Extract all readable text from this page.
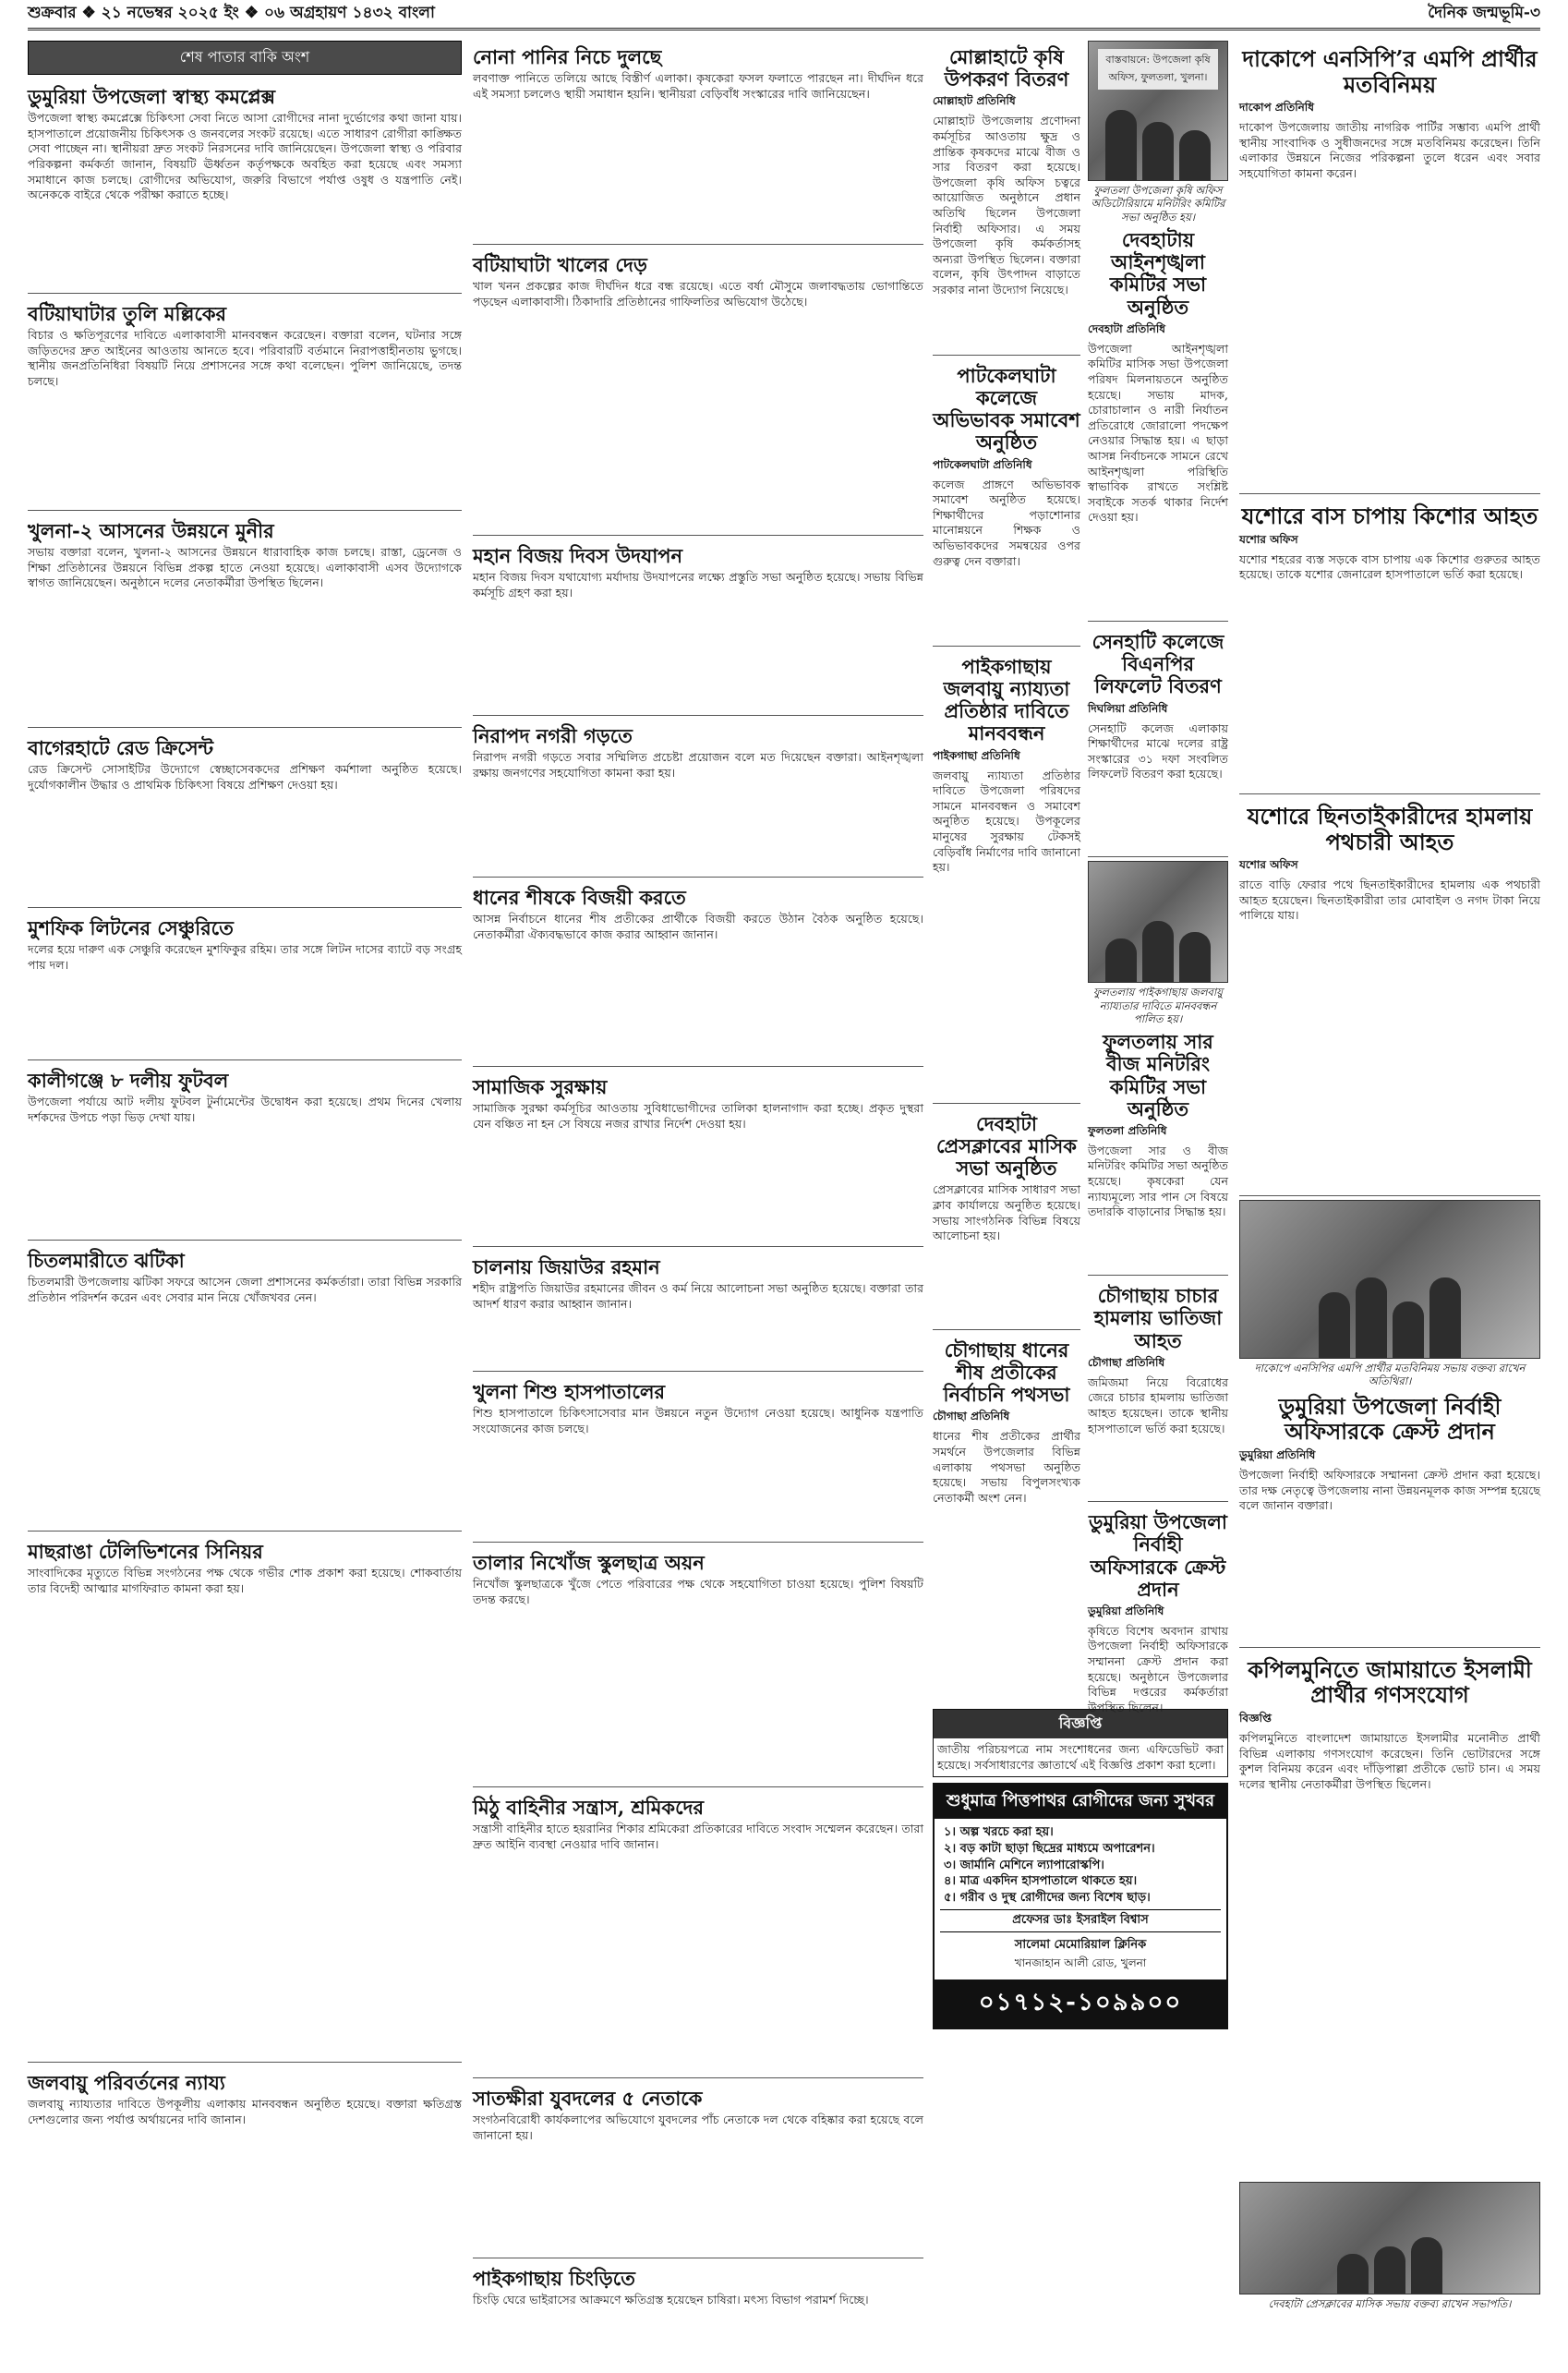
শুক্রবার ❖ ২১ নভেম্বর ২০২৫ ইং ❖ ০৬ অগ্রহায়ণ ১৪৩২ বাংলা	দৈনিক জন্মভূমি-৩
শেষ পাতার বাকি অংশ
ডুমুরিয়া উপজেলা স্বাস্থ্য কমপ্লেক্স

উপজেলা স্বাস্থ্য কমপ্লেক্সে চিকিৎসা সেবা নিতে আসা রোগীদের নানা দুর্ভোগের কথা জানা যায়। হাসপাতালে প্রয়োজনীয় চিকিৎসক ও জনবলের সংকট রয়েছে। এতে সাধারণ রোগীরা কাঙ্ক্ষিত সেবা পাচ্ছেন না। স্থানীয়রা দ্রুত সংকট নিরসনের দাবি জানিয়েছেন। উপজেলা স্বাস্থ্য ও পরিবার পরিকল্পনা কর্মকর্তা জানান, বিষয়টি ঊর্ধ্বতন কর্তৃপক্ষকে অবহিত করা হয়েছে এবং সমস্যা সমাধানে কাজ চলছে। রোগীদের অভিযোগ, জরুরি বিভাগে পর্যাপ্ত ওষুধ ও যন্ত্রপাতি নেই। অনেককে বাইরে থেকে পরীক্ষা করাতে হচ্ছে।

বটিয়াঘাটার তুলি মল্লিকের

বিচার ও ক্ষতিপূরণের দাবিতে এলাকাবাসী মানববন্ধন করেছেন। বক্তারা বলেন, ঘটনার সঙ্গে জড়িতদের দ্রুত আইনের আওতায় আনতে হবে। পরিবারটি বর্তমানে নিরাপত্তাহীনতায় ভুগছে। স্থানীয় জনপ্রতিনিধিরা বিষয়টি নিয়ে প্রশাসনের সঙ্গে কথা বলেছেন। পুলিশ জানিয়েছে, তদন্ত চলছে।

খুলনা-২ আসনের উন্নয়নে মুনীর

সভায় বক্তারা বলেন, খুলনা-২ আসনের উন্নয়নে ধারাবাহিক কাজ চলছে। রাস্তা, ড্রেনেজ ও শিক্ষা প্রতিষ্ঠানের উন্নয়নে বিভিন্ন প্রকল্প হাতে নেওয়া হয়েছে। এলাকাবাসী এসব উদ্যোগকে স্বাগত জানিয়েছেন। অনুষ্ঠানে দলের নেতাকর্মীরা উপস্থিত ছিলেন।

বাগেরহাটে রেড ক্রিসেন্ট

রেড ক্রিসেন্ট সোসাইটির উদ্যোগে স্বেচ্ছাসেবকদের প্রশিক্ষণ কর্মশালা অনুষ্ঠিত হয়েছে। দুর্যোগকালীন উদ্ধার ও প্রাথমিক চিকিৎসা বিষয়ে প্রশিক্ষণ দেওয়া হয়।

মুশফিক লিটনের সেঞ্চুরিতে

দলের হয়ে দারুণ এক সেঞ্চুরি করেছেন মুশফিকুর রহিম। তার সঙ্গে লিটন দাসের ব্যাটে বড় সংগ্রহ পায় দল।

কালীগঞ্জে ৮ দলীয় ফুটবল

উপজেলা পর্যায়ে আট দলীয় ফুটবল টুর্নামেন্টের উদ্বোধন করা হয়েছে। প্রথম দিনের খেলায় দর্শকদের উপচে পড়া ভিড় দেখা যায়।

চিতলমারীতে ঝটিকা

চিতলমারী উপজেলায় ঝটিকা সফরে আসেন জেলা প্রশাসনের কর্মকর্তারা। তারা বিভিন্ন সরকারি প্রতিষ্ঠান পরিদর্শন করেন এবং সেবার মান নিয়ে খোঁজখবর নেন।

মাছরাঙা টেলিভিশনের সিনিয়র

সাংবাদিকের মৃত্যুতে বিভিন্ন সংগঠনের পক্ষ থেকে গভীর শোক প্রকাশ করা হয়েছে। শোকবার্তায় তার বিদেহী আত্মার মাগফিরাত কামনা করা হয়।

জলবায়ু পরিবর্তনের ন্যায্য

জলবায়ু ন্যায্যতার দাবিতে উপকূলীয় এলাকায় মানববন্ধন অনুষ্ঠিত হয়েছে। বক্তারা ক্ষতিগ্রস্ত দেশগুলোর জন্য পর্যাপ্ত অর্থায়নের দাবি জানান।

নোনা পানির নিচে দুলছে

লবণাক্ত পানিতে তলিয়ে আছে বিস্তীর্ণ এলাকা। কৃষকেরা ফসল ফলাতে পারছেন না। দীর্ঘদিন ধরে এই সমস্যা চললেও স্থায়ী সমাধান হয়নি। স্থানীয়রা বেড়িবাঁধ সংস্কারের দাবি জানিয়েছেন।

বটিয়াঘাটা খালের দেড়

খাল খনন প্রকল্পের কাজ দীর্ঘদিন ধরে বন্ধ রয়েছে। এতে বর্ষা মৌসুমে জলাবদ্ধতায় ভোগান্তিতে পড়ছেন এলাকাবাসী। ঠিকাদারি প্রতিষ্ঠানের গাফিলতির অভিযোগ উঠেছে।

মহান বিজয় দিবস উদযাপন

মহান বিজয় দিবস যথাযোগ্য মর্যাদায় উদযাপনের লক্ষ্যে প্রস্তুতি সভা অনুষ্ঠিত হয়েছে। সভায় বিভিন্ন কর্মসূচি গ্রহণ করা হয়।

নিরাপদ নগরী গড়তে

নিরাপদ নগরী গড়তে সবার সম্মিলিত প্রচেষ্টা প্রয়োজন বলে মত দিয়েছেন বক্তারা। আইনশৃঙ্খলা রক্ষায় জনগণের সহযোগিতা কামনা করা হয়।

ধানের শীষকে বিজয়ী করতে

আসন্ন নির্বাচনে ধানের শীষ প্রতীকের প্রার্থীকে বিজয়ী করতে উঠান বৈঠক অনুষ্ঠিত হয়েছে। নেতাকর্মীরা ঐক্যবদ্ধভাবে কাজ করার আহ্বান জানান।

সামাজিক সুরক্ষায়

সামাজিক সুরক্ষা কর্মসূচির আওতায় সুবিধাভোগীদের তালিকা হালনাগাদ করা হচ্ছে। প্রকৃত দুস্থরা যেন বঞ্চিত না হন সে বিষয়ে নজর রাখার নির্দেশ দেওয়া হয়।

চালনায় জিয়াউর রহমান

শহীদ রাষ্ট্রপতি জিয়াউর রহমানের জীবন ও কর্ম নিয়ে আলোচনা সভা অনুষ্ঠিত হয়েছে। বক্তারা তার আদর্শ ধারণ করার আহ্বান জানান।

খুলনা শিশু হাসপাতালের

শিশু হাসপাতালে চিকিৎসাসেবার মান উন্নয়নে নতুন উদ্যোগ নেওয়া হয়েছে। আধুনিক যন্ত্রপাতি সংযোজনের কাজ চলছে।

তালার নিখোঁজ স্কুলছাত্র অয়ন

নিখোঁজ স্কুলছাত্রকে খুঁজে পেতে পরিবারের পক্ষ থেকে সহযোগিতা চাওয়া হয়েছে। পুলিশ বিষয়টি তদন্ত করছে।

মিঠু বাহিনীর সন্ত্রাস, শ্রমিকদের

সন্ত্রাসী বাহিনীর হাতে হয়রানির শিকার শ্রমিকেরা প্রতিকারের দাবিতে সংবাদ সম্মেলন করেছেন। তারা দ্রুত আইনি ব্যবস্থা নেওয়ার দাবি জানান।

সাতক্ষীরা যুবদলের ৫ নেতাকে

সংগঠনবিরোধী কার্যকলাপের অভিযোগে যুবদলের পাঁচ নেতাকে দল থেকে বহিষ্কার করা হয়েছে বলে জানানো হয়।

পাইকগাছায় চিংড়িতে

চিংড়ি ঘেরে ভাইরাসের আক্রমণে ক্ষতিগ্রস্ত হয়েছেন চাষিরা। মৎস্য বিভাগ পরামর্শ দিচ্ছে।

মোল্লাহাটে কৃষি উপকরণ বিতরণ

মোল্লাহাট প্রতিনিধি

মোল্লাহাট উপজেলায় প্রণোদনা কর্মসূচির আওতায় ক্ষুদ্র ও প্রান্তিক কৃষকদের মাঝে বীজ ও সার বিতরণ করা হয়েছে। উপজেলা কৃষি অফিস চত্বরে আয়োজিত অনুষ্ঠানে প্রধান অতিথি ছিলেন উপজেলা নির্বাহী অফিসার। এ সময় উপজেলা কৃষি কর্মকর্তাসহ অন্যরা উপস্থিত ছিলেন। বক্তারা বলেন, কৃষি উৎপাদন বাড়াতে সরকার নানা উদ্যোগ নিয়েছে।

পাটকেলঘাটা কলেজে অভিভাবক সমাবেশ অনুষ্ঠিত

পাটকেলঘাটা প্রতিনিধি

কলেজ প্রাঙ্গণে অভিভাবক সমাবেশ অনুষ্ঠিত হয়েছে। শিক্ষার্থীদের পড়াশোনার মানোন্নয়নে শিক্ষক ও অভিভাবকদের সমন্বয়ের ওপর গুরুত্ব দেন বক্তারা।

পাইকগাছায় জলবায়ু ন্যায্যতা প্রতিষ্ঠার দাবিতে মানববন্ধন

পাইকগাছা প্রতিনিধি

জলবায়ু ন্যায্যতা প্রতিষ্ঠার দাবিতে উপজেলা পরিষদের সামনে মানববন্ধন ও সমাবেশ অনুষ্ঠিত হয়েছে। উপকূলের মানুষের সুরক্ষায় টেকসই বেড়িবাঁধ নির্মাণের দাবি জানানো হয়।

দেবহাটা প্রেসক্লাবের মাসিক সভা অনুষ্ঠিত

প্রেসক্লাবের মাসিক সাধারণ সভা ক্লাব কার্যালয়ে অনুষ্ঠিত হয়েছে। সভায় সাংগঠনিক বিভিন্ন বিষয়ে আলোচনা হয়।

চৌগাছায় ধানের শীষ প্রতীকের নির্বাচনি পথসভা

চৌগাছা প্রতিনিধি

ধানের শীষ প্রতীকের প্রার্থীর সমর্থনে উপজেলার বিভিন্ন এলাকায় পথসভা অনুষ্ঠিত হয়েছে। সভায় বিপুলসংখ্যক নেতাকর্মী অংশ নেন।

বাস্তবায়নে: উপজেলা কৃষি অফিস, ফুলতলা, খুলনা।

ফুলতলা উপজেলা কৃষি অফিস অডিটোরিয়ামে মনিটরিং কমিটির সভা অনুষ্ঠিত হয়।

দেবহাটায় আইনশৃঙ্খলা কমিটির সভা অনুষ্ঠিত

দেবহাটা প্রতিনিধি

উপজেলা আইনশৃঙ্খলা কমিটির মাসিক সভা উপজেলা পরিষদ মিলনায়তনে অনুষ্ঠিত হয়েছে। সভায় মাদক, চোরাচালান ও নারী নির্যাতন প্রতিরোধে জোরালো পদক্ষেপ নেওয়ার সিদ্ধান্ত হয়। এ ছাড়া আসন্ন নির্বাচনকে সামনে রেখে আইনশৃঙ্খলা পরিস্থিতি স্বাভাবিক রাখতে সংশ্লিষ্ট সবাইকে সতর্ক থাকার নির্দেশ দেওয়া হয়।

সেনহাটি কলেজে বিএনপির লিফলেট বিতরণ

দিঘলিয়া প্রতিনিধি

সেনহাটি কলেজ এলাকায় শিক্ষার্থীদের মাঝে দলের রাষ্ট্র সংস্কারের ৩১ দফা সংবলিত লিফলেট বিতরণ করা হয়েছে।

ফুলতলায় পাইকগাছায় জলবায়ু ন্যায্যতার দাবিতে মানববন্ধন পালিত হয়।

ফুলতলায় সার বীজ মনিটরিং কমিটির সভা অনুষ্ঠিত

ফুলতলা প্রতিনিধি

উপজেলা সার ও বীজ মনিটরিং কমিটির সভা অনুষ্ঠিত হয়েছে। কৃষকেরা যেন ন্যায্যমূল্যে সার পান সে বিষয়ে তদারকি বাড়ানোর সিদ্ধান্ত হয়।

চৌগাছায় চাচার হামলায় ভাতিজা আহত

চৌগাছা প্রতিনিধি

জমিজমা নিয়ে বিরোধের জেরে চাচার হামলায় ভাতিজা আহত হয়েছেন। তাকে স্থানীয় হাসপাতালে ভর্তি করা হয়েছে।

ডুমুরিয়া উপজেলা নির্বাহী অফিসারকে ক্রেস্ট প্রদান

ডুমুরিয়া প্রতিনিধি

কৃষিতে বিশেষ অবদান রাখায় উপজেলা নির্বাহী অফিসারকে সম্মাননা ক্রেস্ট প্রদান করা হয়েছে। অনুষ্ঠানে উপজেলার বিভিন্ন দপ্তরের কর্মকর্তারা উপস্থিত ছিলেন।

বিজ্ঞপ্তি

জাতীয় পরিচয়পত্রে নাম সংশোধনের জন্য এফিডেভিট করা হয়েছে। সর্বসাধারণের জ্ঞাতার্থে এই বিজ্ঞপ্তি প্রকাশ করা হলো।

শুধুমাত্র পিত্তপাথর রোগীদের জন্য সুখবর
১। অল্প খরচে করা হয়।
২। বড় কাটা ছাড়া ছিদ্রের মাধ্যমে অপারেশন।
৩। জার্মানি মেশিনে ল্যাপারোস্কপি।
৪। মাত্র একদিন হাসপাতালে থাকতে হয়।
৫। গরীব ও দুস্থ রোগীদের জন্য বিশেষ ছাড়।
প্রফেসর ডাঃ ইসরাইল বিশ্বাস
সালেমা মেমোরিয়াল ক্লিনিক
খানজাহান আলী রোড, খুলনা
০১৭১২-১০৯৯০০
দাকোপে এনসিপি’র এমপি প্রার্থীর মতবিনিময়

দাকোপ প্রতিনিধি

দাকোপ উপজেলায় জাতীয় নাগরিক পার্টির সম্ভাব্য এমপি প্রার্থী স্থানীয় সাংবাদিক ও সুধীজনদের সঙ্গে মতবিনিময় করেছেন। তিনি এলাকার উন্নয়নে নিজের পরিকল্পনা তুলে ধরেন এবং সবার সহযোগিতা কামনা করেন।

যশোরে বাস চাপায় কিশোর আহত

যশোর অফিস

যশোর শহরের ব্যস্ত সড়কে বাস চাপায় এক কিশোর গুরুতর আহত হয়েছে। তাকে যশোর জেনারেল হাসপাতালে ভর্তি করা হয়েছে।

যশোরে ছিনতাইকারীদের হামলায় পথচারী আহত

যশোর অফিস

রাতে বাড়ি ফেরার পথে ছিনতাইকারীদের হামলায় এক পথচারী আহত হয়েছেন। ছিনতাইকারীরা তার মোবাইল ও নগদ টাকা নিয়ে পালিয়ে যায়।

দাকোপে এনসিপির এমপি প্রার্থীর মতবিনিময় সভায় বক্তব্য রাখেন অতিথিরা।

ডুমুরিয়া উপজেলা নির্বাহী অফিসারকে ক্রেস্ট প্রদান

ডুমুরিয়া প্রতিনিধি

উপজেলা নির্বাহী অফিসারকে সম্মাননা ক্রেস্ট প্রদান করা হয়েছে। তার দক্ষ নেতৃত্বে উপজেলায় নানা উন্নয়নমূলক কাজ সম্পন্ন হয়েছে বলে জানান বক্তারা।

কপিলমুনিতে জামায়াতে ইসলামী প্রার্থীর গণসংযোগ

বিজ্ঞপ্তি

কপিলমুনিতে বাংলাদেশ জামায়াতে ইসলামীর মনোনীত প্রার্থী বিভিন্ন এলাকায় গণসংযোগ করেছেন। তিনি ভোটারদের সঙ্গে কুশল বিনিময় করেন এবং দাঁড়িপাল্লা প্রতীকে ভোট চান। এ সময় দলের স্থানীয় নেতাকর্মীরা উপস্থিত ছিলেন।

দেবহাটা প্রেসক্লাবের মাসিক সভায় বক্তব্য রাখেন সভাপতি।
